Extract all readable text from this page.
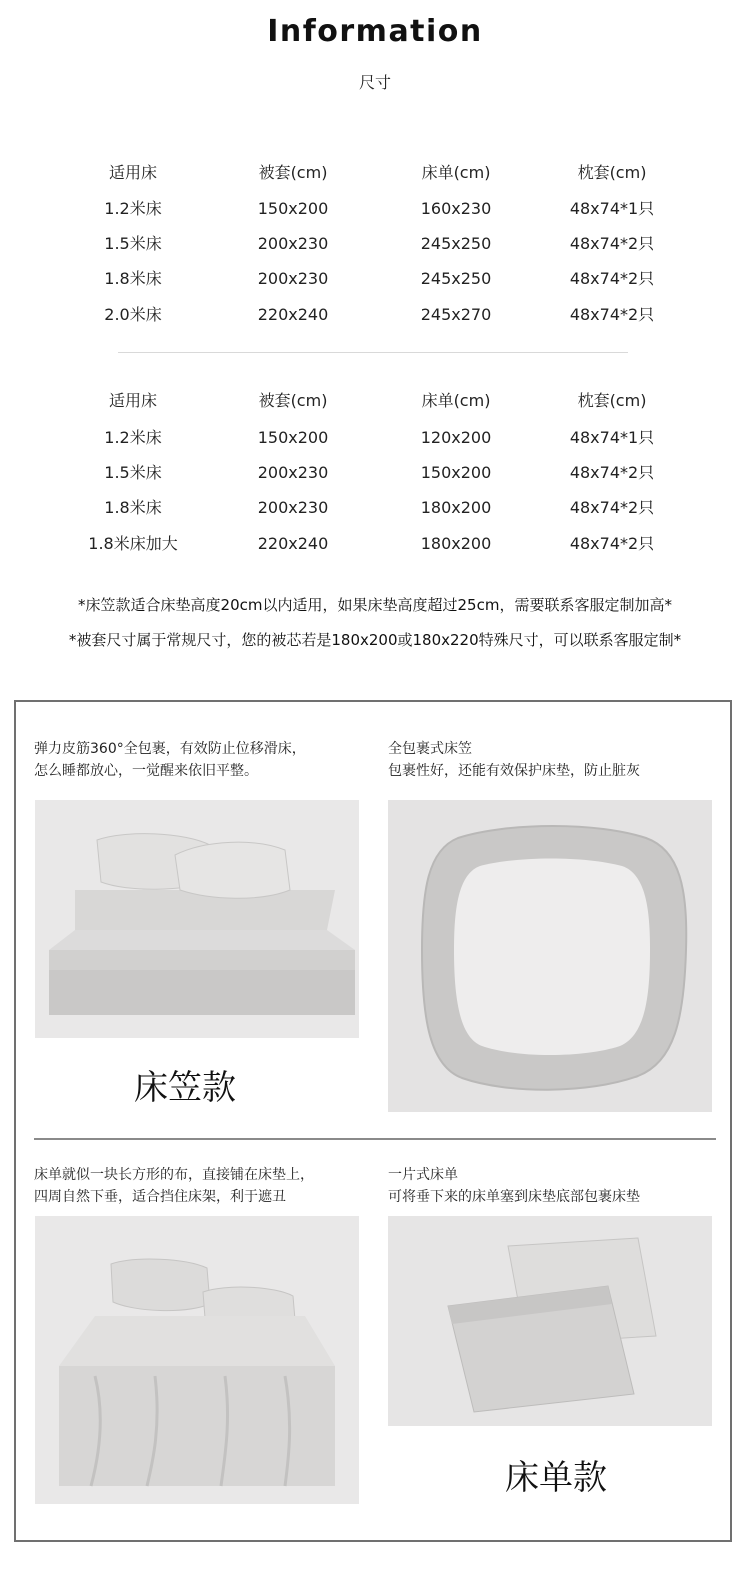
Information
尺寸
适用床	被套(cm)	床单(cm)	枕套(cm)
1.2米床	150x200	160x230	48x74*1只
1.5米床	200x230	245x250	48x74*2只
1.8米床	200x230	245x250	48x74*2只
2.0米床	220x240	245x270	48x74*2只
适用床	被套(cm)	床单(cm)	枕套(cm)
1.2米床	150x200	120x200	48x74*1只
1.5米床	200x230	150x200	48x74*2只
1.8米床	200x230	180x200	48x74*2只
1.8米床加大	220x240	180x200	48x74*2只
*床笠款适合床垫高度20cm以内适用，如果床垫高度超过25cm，需要联系客服定制加高*
*被套尺寸属于常规尺寸，您的被芯若是180x200或180x220特殊尺寸，可以联系客服定制*
弹力皮筋360°全包裹，有效防止位移滑床，
怎么睡都放心，一觉醒来依旧平整。
全包裹式床笠
包裹性好，还能有效保护床垫，防止脏灰
床笠款
床单就似一块长方形的布，直接铺在床垫上，
四周自然下垂，适合挡住床架，利于遮丑
一片式床单
可将垂下来的床单塞到床垫底部包裹床垫
床单款
